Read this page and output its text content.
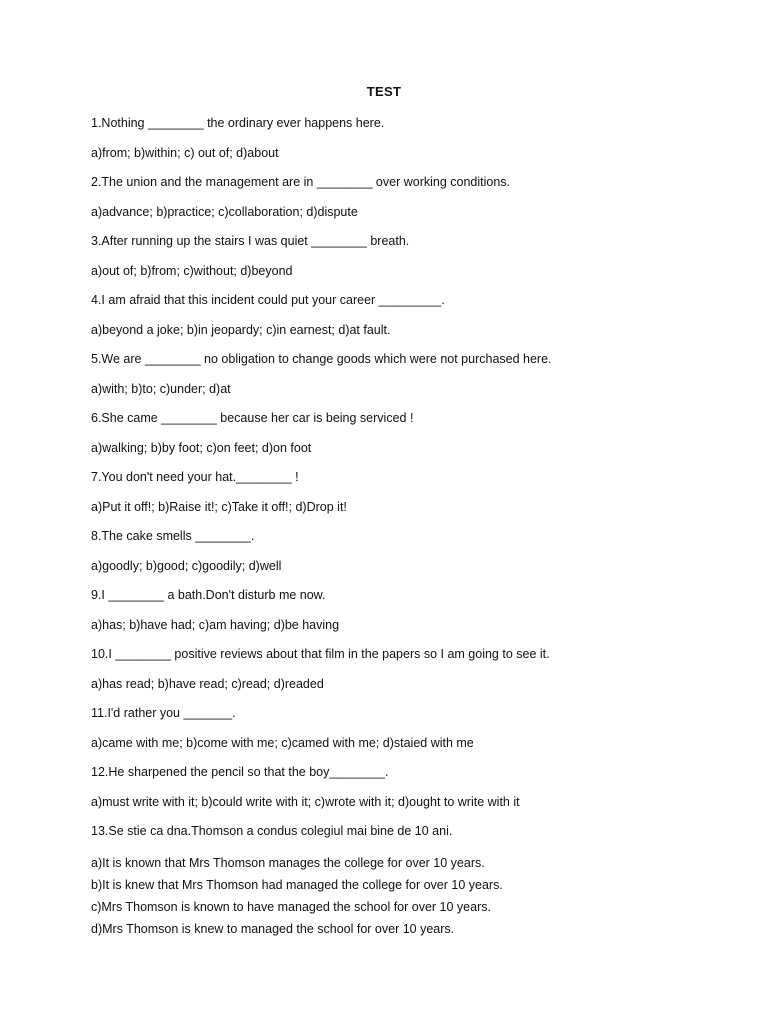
TEST
1.Nothing ________ the ordinary ever happens here.
a)from; b)within; c) out of; d)about
2.The union and the management are in ________ over working conditions.
a)advance; b)practice; c)collaboration; d)dispute
3.After running up the stairs I was quiet ________ breath.
a)out of; b)from; c)without; d)beyond
4.I am afraid that this incident could put your career _________.
a)beyond a joke; b)in jeopardy; c)in earnest; d)at fault.
5.We are ________ no obligation to change goods which were not purchased here.
a)with; b)to; c)under; d)at
6.She came ________ because her car is being serviced !
a)walking; b)by foot; c)on feet; d)on foot
7.You don't need your hat.________ !
a)Put it off!; b)Raise it!; c)Take it off!; d)Drop it!
8.The cake smells ________.
a)goodly; b)good; c)goodily; d)well
9.I ________ a bath.Don't disturb me now.
a)has; b)have had; c)am having; d)be having
10.I ________ positive reviews about that film in the papers so I am going to see it.
a)has read; b)have read; c)read; d)readed
11.I'd rather you _______.
a)came with me; b)come with me; c)camed with me; d)staied with me
12.He sharpened the pencil so that the boy________.
a)must write with it; b)could write with it; c)wrote with it; d)ought to write with it
13.Se stie ca dna.Thomson a condus colegiul mai bine de 10 ani.
a)It is known that Mrs Thomson manages the college for over 10 years.
b)It is knew that Mrs Thomson had managed the college for over 10 years.
c)Mrs Thomson is known to have managed the school for over 10 years.
d)Mrs Thomson is knew to managed the school for over 10 years.
